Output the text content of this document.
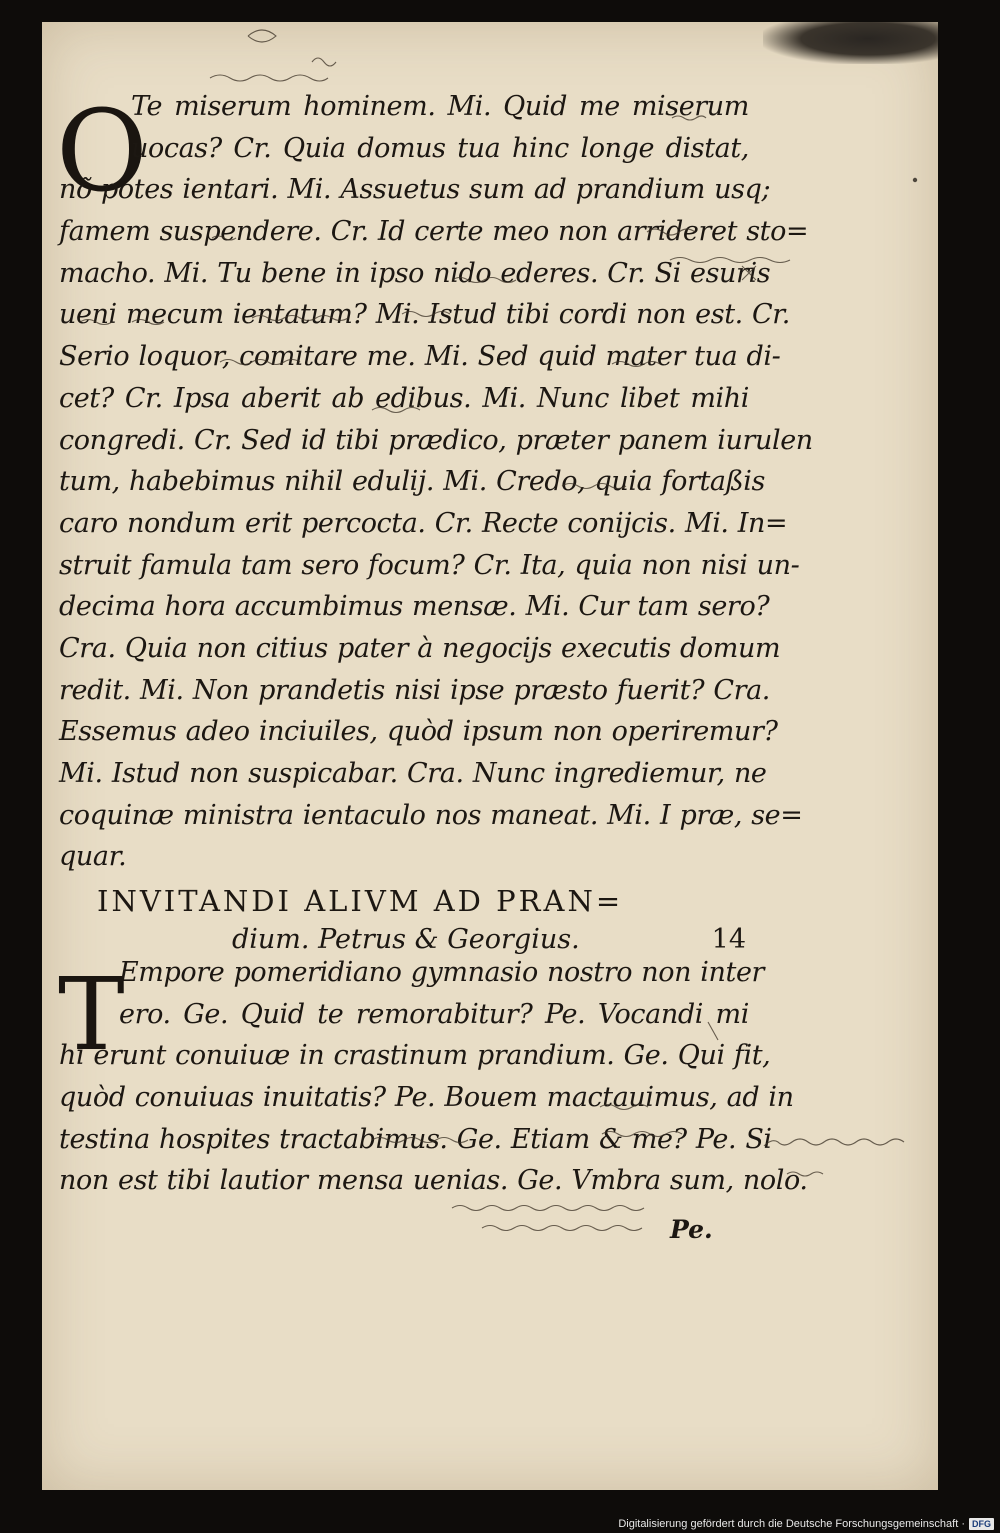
O
Te miserum hominem. Mi. Quid me miserum
uocas? Cr. Quia domus tua hinc longe distat,
nõ potes ientari. Mi. Assuetus sum ad prandium usq;
famem suspendere. Cr. Id certe meo non arrideret sto=
macho. Mi. Tu bene in ipso nido ederes. Cr. Si esuris
ueni mecum ientatum? Mi. Istud tibi cordi non est. Cr.
Serio loquor, comitare me. Mi. Sed quid mater tua di-
cet? Cr. Ipsa aberit ab edibus. Mi. Nunc libet mihi
congredi. Cr. Sed id tibi prædico, præter panem iurulen
tum, habebimus nihil edulij. Mi. Credo, quia fortaßis
caro nondum erit percocta. Cr. Recte conijcis. Mi. In=
struit famula tam sero focum? Cr. Ita, quia non nisi un-
decima hora accumbimus mensæ. Mi. Cur tam sero?
Cra. Quia non citius pater à negocijs executis domum
redit. Mi. Non prandetis nisi ipse præsto fuerit? Cra.
Essemus adeo inciuiles, quòd ipsum non operiremur?
Mi. Istud non suspicabar. Cra. Nunc ingrediemur, ne
coquinæ ministra ientaculo nos maneat. Mi. I præ, se=
quar.
INVITANDI ALIVM AD PRAN=
dium. Petrus & Georgius.	14
T
Empore pomeridiano gymnasio nostro non inter
ero. Ge. Quid te remorabitur? Pe. Vocandi mi
hi erunt conuiuæ in crastinum prandium. Ge. Qui fit,
quòd conuiuas inuitatis? Pe. Bouem mactauimus, ad in
testina hospites tractabimus. Ge. Etiam & me? Pe. Si
non est tibi lautior mensa uenias. Ge. Vmbra sum, nolo.
Pe.
Digitalisierung gefördert durch die Deutsche Forschungsgemeinschaft · DFG
